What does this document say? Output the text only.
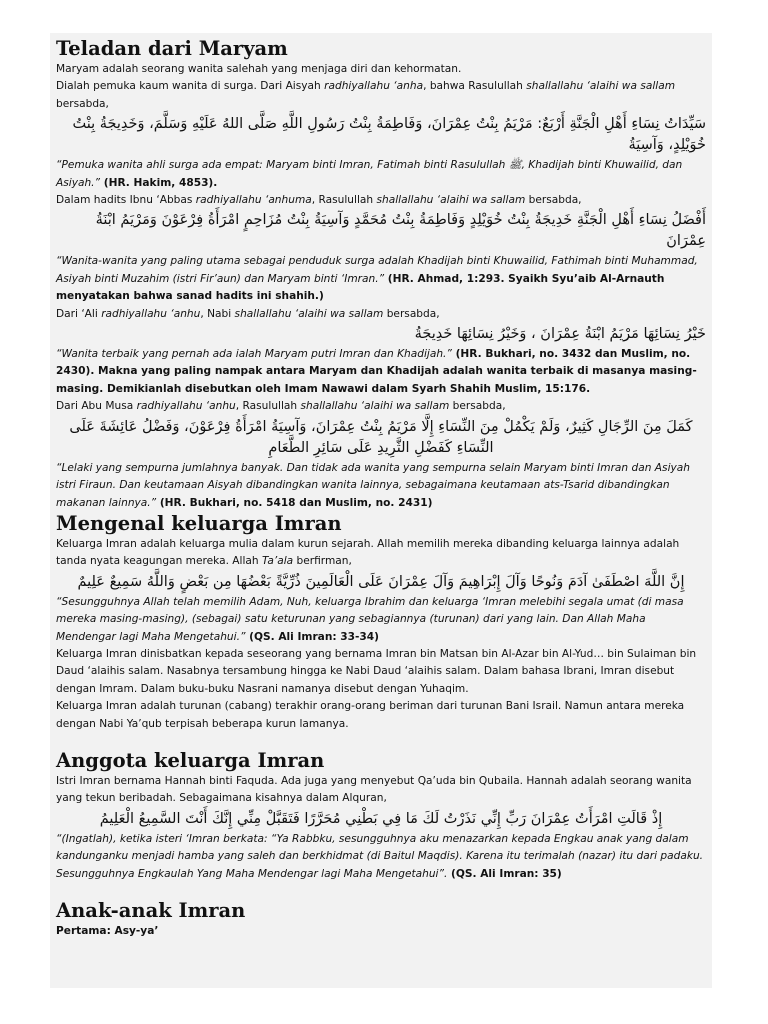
Teladan dari Maryam

Maryam adalah seorang wanita salehah yang menjaga diri dan kehormatan.

Dialah pemuka kaum wanita di surga. Dari Aisyah radhiyallahu ‘anha, bahwa Rasulullah shallallahu ‘alaihi wa sallam bersabda,

سَيِّدَاتُ نِسَاءِ أَهْلِ الْجَنَّةِ أَرْبَعٌ: مَرْيَمُ بِنْتُ عِمْرَانَ، وَفَاطِمَةُ بِنْتُ رَسُولِ اللَّهِ صَلَّى اللهُ عَلَيْهِ وَسَلَّمَ، وَخَدِيجَةُ بِنْتُ خُوَيْلِدٍ، وَآسِيَةُ

“Pemuka wanita ahli surga ada empat: Maryam binti Imran, Fatimah binti Rasulullah ﷺ, Khadijah binti Khuwailid, dan Asiyah.” (HR. Hakim, 4853).

Dalam hadits Ibnu ‘Abbas radhiyallahu ‘anhuma, Rasulullah shallallahu ‘alaihi wa sallam bersabda,

أَفْضَلُ نِسَاءِ أَهْلِ الْجَنَّةِ خَدِيجَةُ بِنْتُ خُوَيْلِدٍ وَفَاطِمَةُ بِنْتُ مُحَمَّدٍ وَآسِيَةُ بِنْتُ مُزَاحِمٍ امْرَأَةُ فِرْعَوْنَ وَمَرْيَمُ ابْنَةُ عِمْرَانَ

“Wanita-wanita yang paling utama sebagai penduduk surga adalah Khadijah binti Khuwailid, Fathimah binti Muhammad, Asiyah binti Muzahim (istri Fir’aun) dan Maryam binti ‘Imran.” (HR. Ahmad, 1:293. Syaikh Syu’aib Al-Arnauth menyatakan bahwa sanad hadits ini shahih.)

Dari ‘Ali radhiyallahu ‘anhu, Nabi shallallahu ‘alaihi wa sallam bersabda,

خَيْرُ نِسَائِهَا مَرْيَمُ ابْنَةُ عِمْرَانَ ، وَخَيْرُ نِسَائِهَا خَدِيجَةُ

“Wanita terbaik yang pernah ada ialah Maryam putri Imran dan Khadijah.” (HR. Bukhari, no. 3432 dan Muslim, no. 2430). Makna yang paling nampak antara Maryam dan Khadijah adalah wanita terbaik di masanya masing-masing. Demikianlah disebutkan oleh Imam Nawawi dalam Syarh Shahih Muslim, 15:176.

Dari Abu Musa radhiyallahu ‘anhu, Rasulullah shallallahu ‘alaihi wa sallam bersabda,

كَمَلَ مِنَ الرِّجَالِ كَثِيرٌ، وَلَمْ يَكْمُلْ مِنَ النِّسَاءِ إِلَّا مَرْيَمُ بِنْتُ عِمْرَانَ، وَآسِيَةُ امْرَأَةُ فِرْعَوْنَ، وَفَضْلُ عَائِشَةَ عَلَى النِّسَاءِ كَفَضْلِ الثَّرِيدِ عَلَى سَائِرِ الطَّعَامِ

“Lelaki yang sempurna jumlahnya banyak. Dan tidak ada wanita yang sempurna selain Maryam binti Imran dan Asiyah istri Firaun. Dan keutamaan Aisyah dibandingkan wanita lainnya, sebagaimana keutamaan ats-Tsarid dibandingkan makanan lainnya.” (HR. Bukhari, no. 5418 dan Muslim, no. 2431)

Mengenal keluarga Imran

Keluarga Imran adalah keluarga mulia dalam kurun sejarah. Allah memilih mereka dibanding keluarga lainnya adalah tanda nyata keagungan mereka. Allah Ta’ala berfirman,

إِنَّ اللَّهَ اصْطَفَىٰ آدَمَ وَنُوحًا وَآلَ إِبْرَاهِيمَ وَآلَ عِمْرَانَ عَلَى الْعَالَمِينَ ذُرِّيَّةً بَعْضُهَا مِن بَعْضٍ وَاللَّهُ سَمِيعٌ عَلِيمٌ

“Sesungguhnya Allah telah memilih Adam, Nuh, keluarga Ibrahim dan keluarga ‘Imran melebihi segala umat (di masa mereka masing-masing), (sebagai) satu keturunan yang sebagiannya (turunan) dari yang lain. Dan Allah Maha Mendengar lagi Maha Mengetahui.” (QS. Ali Imran: 33-34)

Keluarga Imran dinisbatkan kepada seseorang yang bernama Imran bin Matsan bin Al-Azar bin Al-Yud… bin Sulaiman bin Daud ‘alaihis salam. Nasabnya tersambung hingga ke Nabi Daud ‘alaihis salam. Dalam bahasa Ibrani, Imran disebut dengan Imram. Dalam buku-buku Nasrani namanya disebut dengan Yuhaqim.

Keluarga Imran adalah turunan (cabang) terakhir orang-orang beriman dari turunan Bani Israil. Namun antara mereka dengan Nabi Ya’qub terpisah beberapa kurun lamanya.

Anggota keluarga Imran

Istri Imran bernama Hannah binti Faquda. Ada juga yang menyebut Qa’uda bin Qubaila. Hannah adalah seorang wanita yang tekun beribadah. Sebagaimana kisahnya dalam Alquran,

إِذْ قَالَتِ امْرَأَتُ عِمْرَانَ رَبِّ إِنِّي نَذَرْتُ لَكَ مَا فِي بَطْنِي مُحَرَّرًا فَتَقَبَّلْ مِنِّي إِنَّكَ أَنْتَ السَّمِيعُ الْعَلِيمُ

“(Ingatlah), ketika isteri ‘Imran berkata: “Ya Rabbku, sesungguhnya aku menazarkan kepada Engkau anak yang dalam kandunganku menjadi hamba yang saleh dan berkhidmat (di Baitul Maqdis). Karena itu terimalah (nazar) itu dari padaku. Sesungguhnya Engkaulah Yang Maha Mendengar lagi Maha Mengetahui”. (QS. Ali Imran: 35)

Anak-anak Imran

Pertama: Asy-ya’
